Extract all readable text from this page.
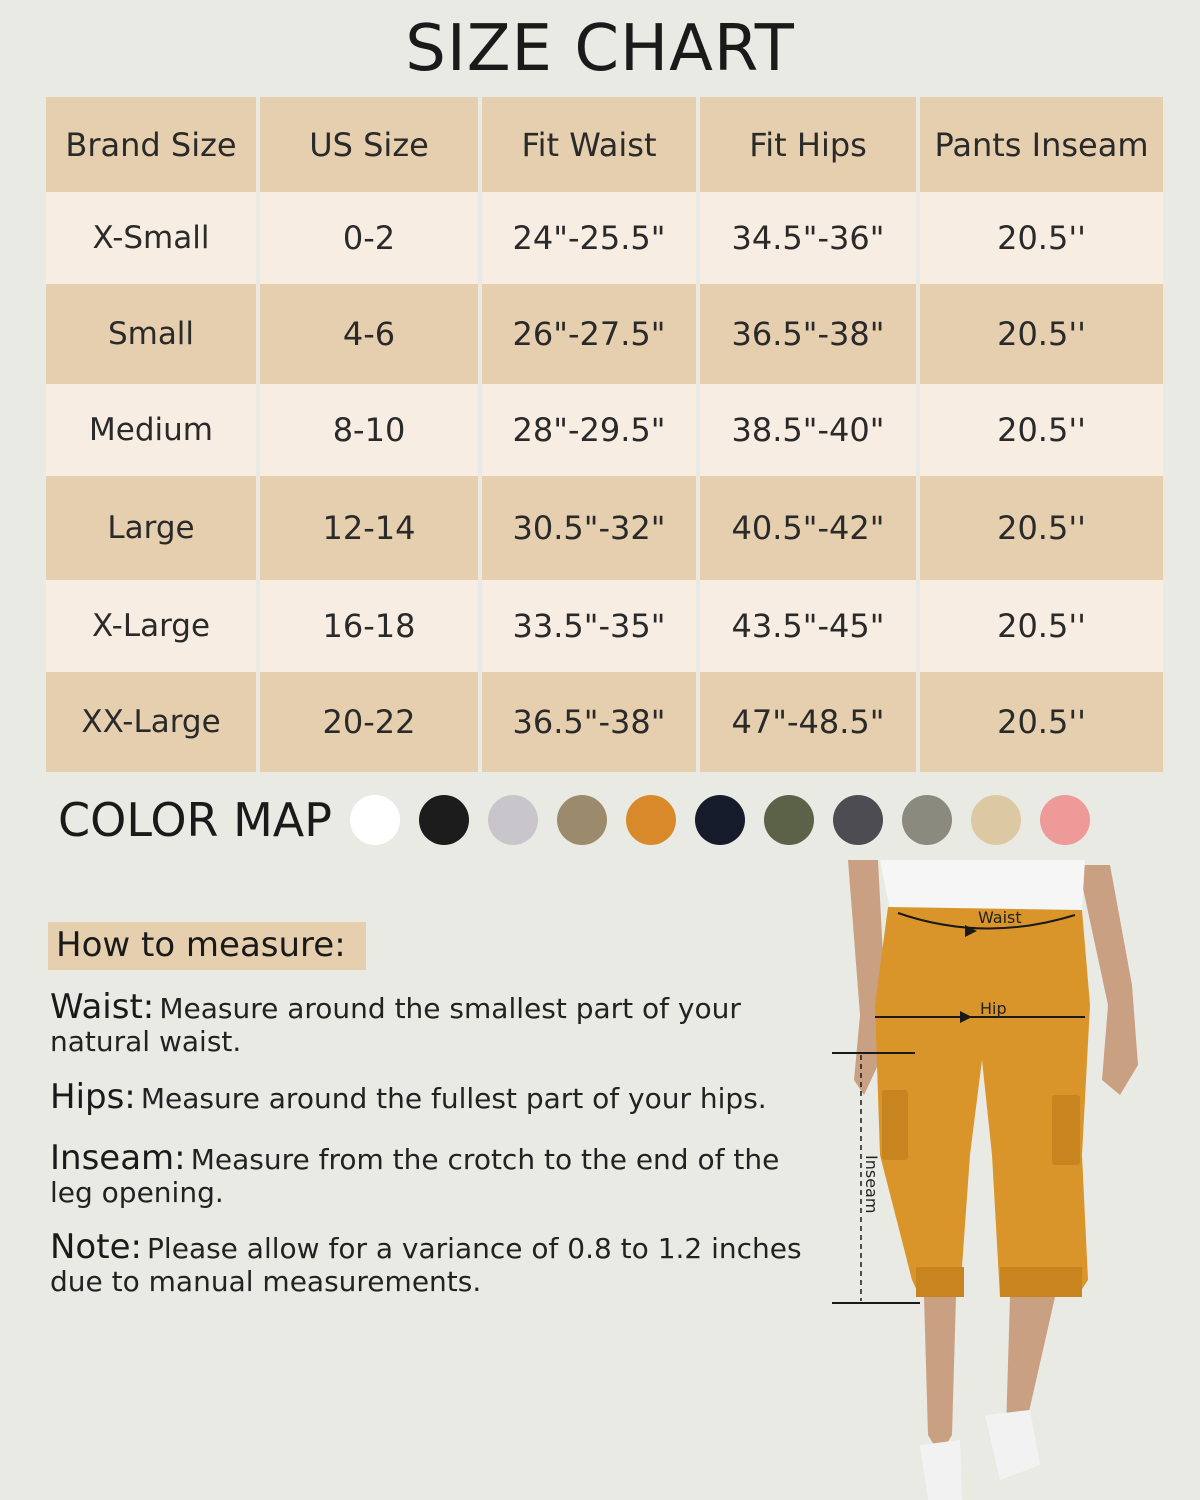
SIZE CHART
Brand Size	US Size	Fit Waist	Fit Hips	Pants Inseam
X-Small	0-2	24"-25.5"	34.5"-36"	20.5''
Small	4-6	26"-27.5"	36.5"-38"	20.5''
Medium	8-10	28"-29.5"	38.5"-40"	20.5''
Large	12-14	30.5"-32"	40.5"-42"	20.5''
X-Large	16-18	33.5"-35"	43.5"-45"	20.5''
XX-Large	20-22	36.5"-38"	47"-48.5"	20.5''
COLOR MAP
How to measure:
Waist: Measure around the smallest part of your natural waist.
Hips: Measure around the fullest part of your hips.
Inseam: Measure from the crotch to the end of the leg opening.
Note: Please allow for a variance of 0.8 to 1.2 inches due to manual measurements.
Waist
Hip
Inseam
